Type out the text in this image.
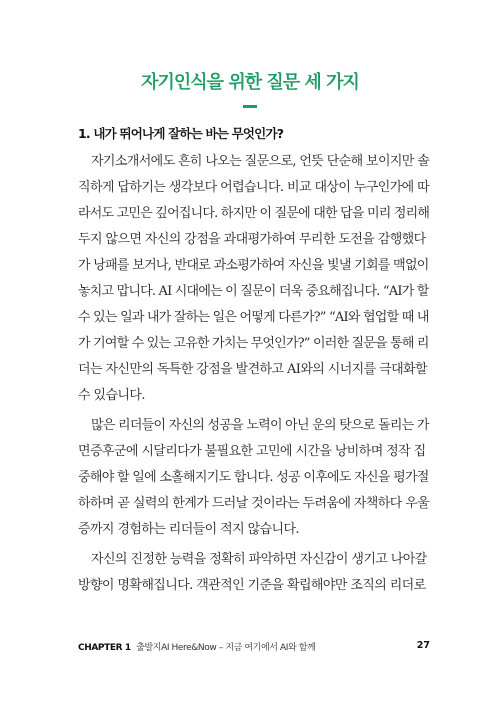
자기인식을 위한 질문 세 가지
1. 내가 뛰어나게 잘하는 바는 무엇인가?
자기소개서에도 흔히 나오는 질문으로, 언뜻 단순해 보이지만 솔
직하게 답하기는 생각보다 어렵습니다. 비교 대상이 누구인가에 따
라서도 고민은 깊어집니다. 하지만 이 질문에 대한 답을 미리 정리해
두지 않으면 자신의 강점을 과대평가하여 무리한 도전을 감행했다
가 낭패를 보거나, 반대로 과소평가하여 자신을 빛낼 기회를 맥없이
놓치고 맙니다. AI 시대에는 이 질문이 더욱 중요해집니다. “AI가 할
수 있는 일과 내가 잘하는 일은 어떻게 다른가?” “AI와 협업할 때 내
가 기여할 수 있는 고유한 가치는 무엇인가?” 이러한 질문을 통해 리
더는 자신만의 독특한 강점을 발견하고 AI와의 시너지를 극대화할
수 있습니다.
많은 리더들이 자신의 성공을 노력이 아닌 운의 탓으로 돌리는 가
면증후군에 시달리다가 불필요한 고민에 시간을 낭비하며 정작 집
중해야 할 일에 소홀해지기도 합니다. 성공 이후에도 자신을 평가절
하하며 곧 실력의 한계가 드러날 것이라는 두려움에 자책하다 우울
증까지 경험하는 리더들이 적지 않습니다.
자신의 진정한 능력을 정확히 파악하면 자신감이 생기고 나아갈
방향이 명확해집니다. 객관적인 기준을 확립해야만 조직의 리더로
CHAPTER 1 출발지AI Here&Now – 지금 여기에서 AI와 함께	27
